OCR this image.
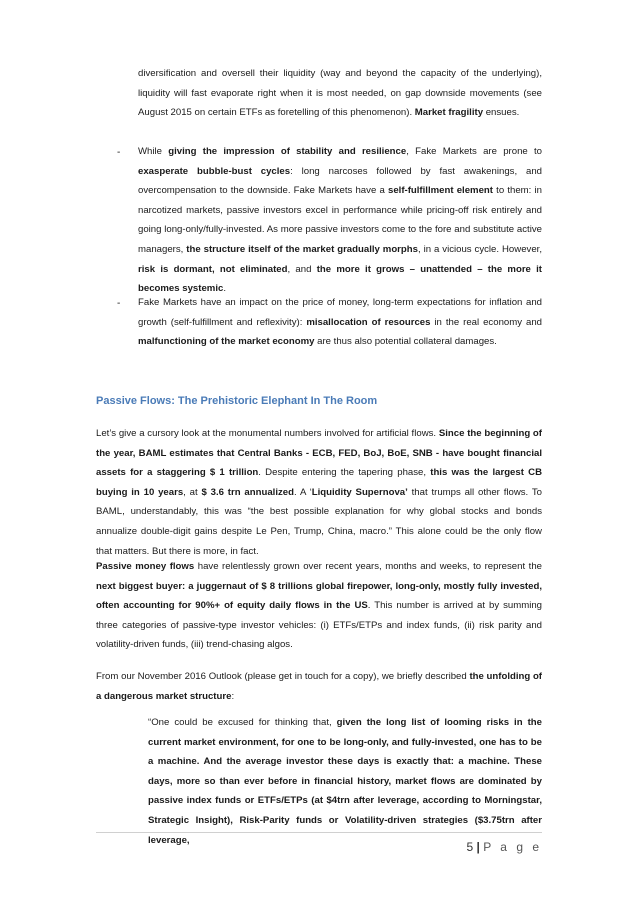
diversification and oversell their liquidity (way and beyond the capacity of the underlying), liquidity will fast evaporate right when it is most needed, on gap downside movements (see August 2015 on certain ETFs as foretelling of this phenomenon). Market fragility ensues.

- While giving the impression of stability and resilience, Fake Markets are prone to exasperate bubble-bust cycles: long narcoses followed by fast awakenings, and overcompensation to the downside. Fake Markets have a self-fulfillment element to them: in narcotized markets, passive investors excel in performance while pricing-off risk entirely and going long-only/fully-invested. As more passive investors come to the fore and substitute active managers, the structure itself of the market gradually morphs, in a vicious cycle. However, risk is dormant, not eliminated, and the more it grows – unattended – the more it becomes systemic.

- Fake Markets have an impact on the price of money, long-term expectations for inflation and growth (self-fulfillment and reflexivity): misallocation of resources in the real economy and malfunctioning of the market economy are thus also potential collateral damages.

Passive Flows: The Prehistoric Elephant In The Room

Let’s give a cursory look at the monumental numbers involved for artificial flows. Since the beginning of the year, BAML estimates that Central Banks - ECB, FED, BoJ, BoE, SNB - have bought financial assets for a staggering $ 1 trillion. Despite entering the tapering phase, this was the largest CB buying in 10 years, at $ 3.6 trn annualized. A ‘Liquidity Supernova’ that trumps all other flows. To BAML, understandably, this was “the best possible explanation for why global stocks and bonds annualize double-digit gains despite Le Pen, Trump, China, macro.” This alone could be the only flow that matters. But there is more, in fact.

Passive money flows have relentlessly grown over recent years, months and weeks, to represent the next biggest buyer: a juggernaut of $ 8 trillions global firepower, long-only, mostly fully invested, often accounting for 90%+ of equity daily flows in the US. This number is arrived at by summing three categories of passive-type investor vehicles: (i) ETFs/ETPs and index funds, (ii) risk parity and volatility-driven funds, (iii) trend-chasing algos.

From our November 2016 Outlook (please get in touch for a copy), we briefly described the unfolding of a dangerous market structure:

“One could be excused for thinking that, given the long list of looming risks in the current market environment, for one to be long-only, and fully-invested, one has to be a machine. And the average investor these days is exactly that: a machine. These days, more so than ever before in financial history, market flows are dominated by passive index funds or ETFs/ETPs (at $4trn after leverage, according to Morningstar, Strategic Insight), Risk-Parity funds or Volatility-driven strategies ($3.75trn after leverage,	5 | P a g e
